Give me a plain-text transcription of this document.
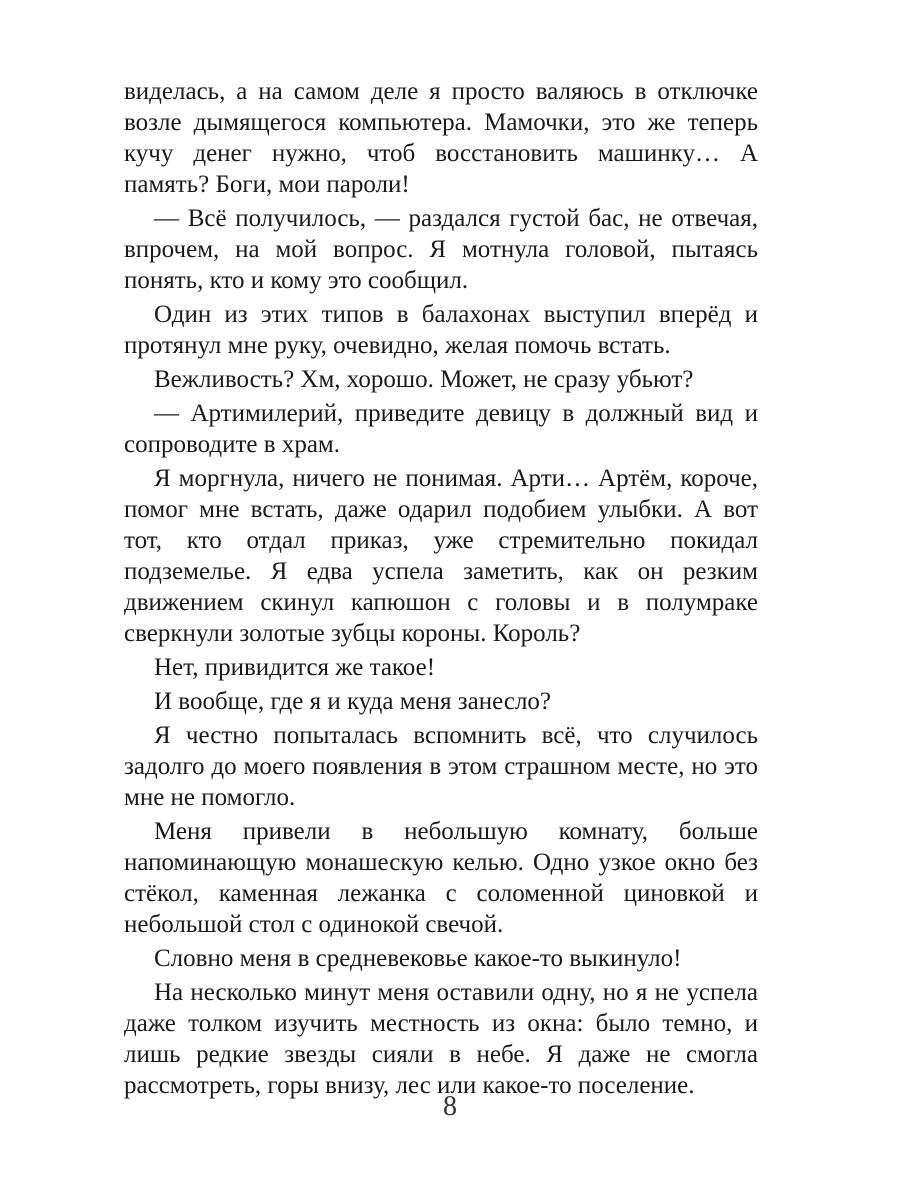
виделась, а на самом деле я просто валяюсь в отключке возле дымящегося компьютера. Мамочки, это же теперь кучу денег нужно, чтоб восстановить машинку… А память? Боги, мои пароли!

— Всё получилось, — раздался густой бас, не отвечая, впрочем, на мой вопрос. Я мотнула головой, пытаясь понять, кто и кому это сообщил.

Один из этих типов в балахонах выступил вперёд и протянул мне руку, очевидно, желая помочь встать.

Вежливость? Хм, хорошо. Может, не сразу убьют?

— Артимилерий, приведите девицу в должный вид и сопроводите в храм.

Я моргнула, ничего не понимая. Арти… Артём, короче, помог мне встать, даже одарил подобием улыбки. А вот тот, кто отдал приказ, уже стремительно покидал подземелье. Я едва успела заметить, как он резким движением скинул капюшон с головы и в полумраке сверкнули золотые зубцы короны. Король?

Нет, привидится же такое!

И вообще, где я и куда меня занесло?

Я честно попыталась вспомнить всё, что случилось задолго до моего появления в этом страшном месте, но это мне не помогло.

Меня привели в небольшую комнату, больше напоминающую монашескую келью. Одно узкое окно без стёкол, каменная лежанка с соломенной циновкой и небольшой стол с одинокой свечой.

Словно меня в средневековье какое-то выкинуло!

На несколько минут меня оставили одну, но я не успела даже толком изучить местность из окна: было темно, и лишь редкие звезды сияли в небе. Я даже не смогла рассмотреть, горы внизу, лес или какое-то поселение.

8
